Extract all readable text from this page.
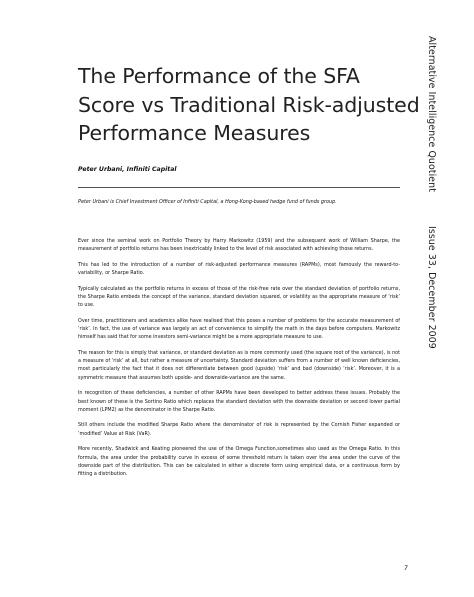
The Performance of the SFA
Score vs Traditional Risk-adjusted
Performance Measures

Peter Urbani, Infiniti Capital

Peter Urbani is Chief Investment Officer of Infiniti Capital, a Hong-Kong-based hedge fund of funds group.

Ever since the seminal work on Portfolio Theory by Harry Markowitz (1959) and the subsequent work of William Sharpe, the measurement of portfolio returns has been inextricably linked to the level of risk associated with achieving those returns.

This has led to the introduction of a number of risk-adjusted performance measures (RAPMs), most famously the reward-to-variability, or Sharpe Ratio.

Typically calculated as the portfolio returns in excess of those of the risk-free rate over the standard deviation of portfolio returns, the Sharpe Ratio embeds the concept of the variance, standard deviation squared, or volatility as the appropriate measure of ‘risk’ to use.

Over time, practitioners and academics alike have realised that this poses a number of problems for the accurate measurement of ‘risk’. In fact, the use of variance was largely an act of convenience to simplify the math in the days before computers. Markowitz himself has said that for some investors semi-variance might be a more appropriate measure to use.

The reason for this is simply that variance, or standard deviation as is more commonly used (the square root of the variance), is not a measure of ‘risk’ at all, but rather a measure of uncertainty. Standard deviation suffers from a number of well known deficiencies, most particularly the fact that it does not differentiate between good (upside) ‘risk’ and bad (downside) ‘risk’. Moreover, it is a symmetric measure that assumes both upside- and downside-variance are the same.

In recognition of these deficiencies, a number of other RAPMs have been developed to better address these issues. Probably the best known of these is the Sortino Ratio which replaces the standard deviation with the downside deviation or second lower partial moment (LPM2) as the denominator in the Sharpe Ratio.

Still others include the modified Sharpe Ratio where the denominator of risk is represented by the Cornish Fisher expanded or ‘modified’ Value at Risk (VaR).

More recently, Shadwick and Keating pioneered the use of the Omega Function,sometimes also used as the Omega Ratio. In this formula, the area under the probability curve in excess of some threshold return is taken over the area under the curve of the downside part of the distribution. This can be calculated in either a discrete form using empirical data, or a continuous form by fitting a distribution.

Alternative Intelligence Quotient
Issue 33, December 2009

7
